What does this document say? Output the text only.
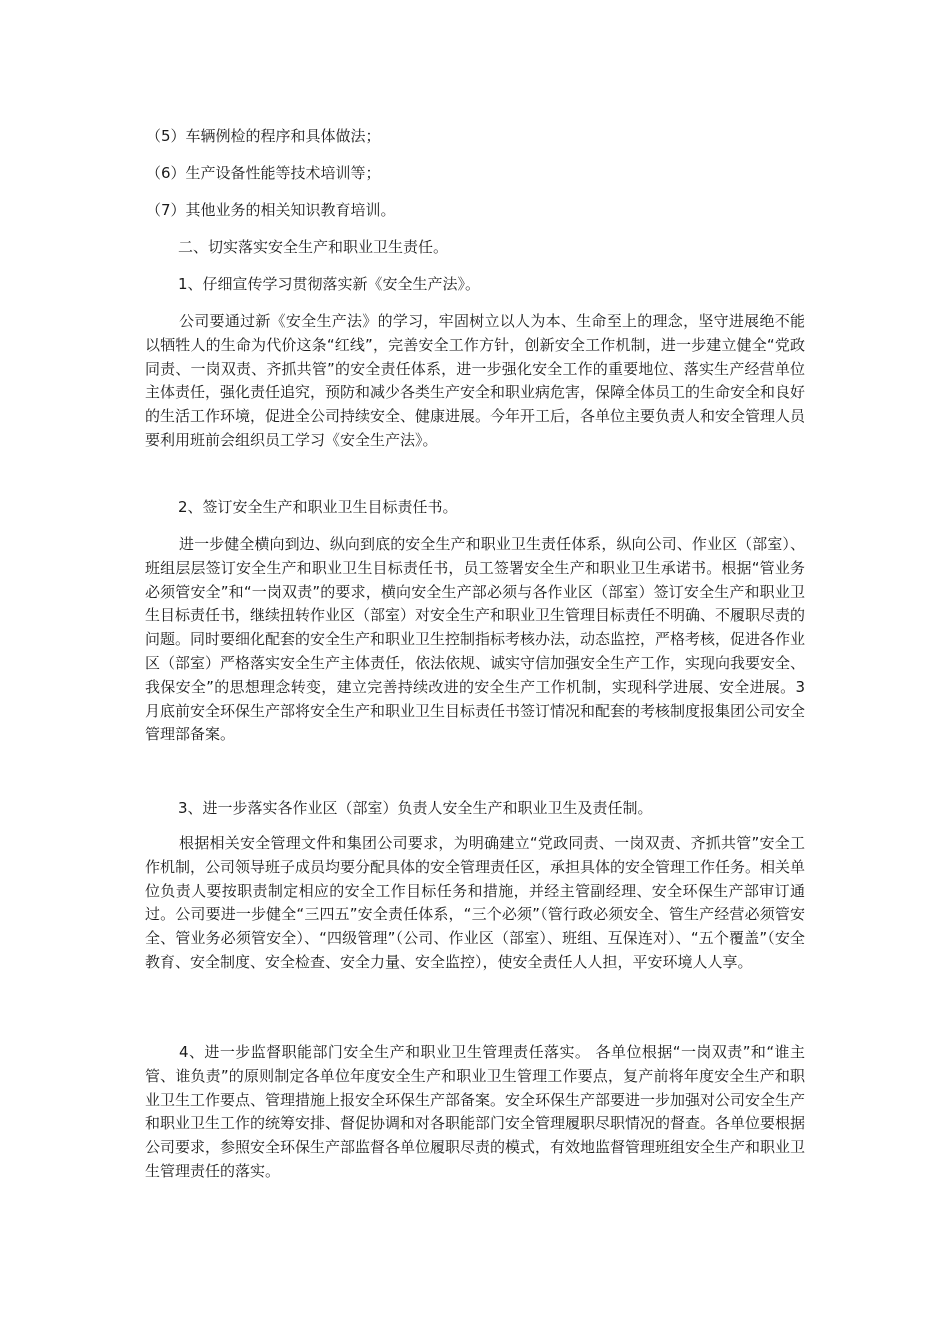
（5）车辆例检的程序和具体做法；
（6）生产设备性能等技术培训等；
（7）其他业务的相关知识教育培训。
二、切实落实安全生产和职业卫生责任。
1、仔细宣传学习贯彻落实新《安全生产法》。
公司要通过新《安全生产法》的学习，牢固树立以人为本、生命至上的理念，坚守进展绝不能以牺牲人的生命为代价这条“红线”，完善安全工作方针，创新安全工作机制，进一步建立健全“党政同责、一岗双责、齐抓共管”的安全责任体系，进一步强化安全工作的重要地位、落实生产经营单位主体责任，强化责任追究，预防和减少各类生产安全和职业病危害，保障全体员工的生命安全和良好的生活工作环境，促进全公司持续安全、健康进展。今年开工后，各单位主要负责人和安全管理人员要利用班前会组织员工学习《安全生产法》。
2、签订安全生产和职业卫生目标责任书。
进一步健全横向到边、纵向到底的安全生产和职业卫生责任体系，纵向公司、作业区（部室）、班组层层签订安全生产和职业卫生目标责任书，员工签署安全生产和职业卫生承诺书。根据“管业务必须管安全”和“一岗双责”的要求，横向安全生产部必须与各作业区（部室）签订安全生产和职业卫生目标责任书，继续扭转作业区（部室）对安全生产和职业卫生管理目标责任不明确、不履职尽责的问题。同时要细化配套的安全生产和职业卫生控制指标考核办法，动态监控，严格考核，促进各作业区（部室）严格落实安全生产主体责任，依法依规、诚实守信加强安全生产工作，实现向我要安全、我保安全”的思想理念转变，建立完善持续改进的安全生产工作机制，实现科学进展、安全进展。3月底前安全环保生产部将安全生产和职业卫生目标责任书签订情况和配套的考核制度报集团公司安全管理部备案。
3、进一步落实各作业区（部室）负责人安全生产和职业卫生及责任制。
根据相关安全管理文件和集团公司要求，为明确建立“党政同责、一岗双责、齐抓共管”安全工作机制，公司领导班子成员均要分配具体的安全管理责任区，承担具体的安全管理工作任务。相关单位负责人要按职责制定相应的安全工作目标任务和措施，并经主管副经理、安全环保生产部审订通过。公司要进一步健全“三四五”安全责任体系，“三个必须”（管行政必须安全、管生产经营必须管安全、管业务必须管安全）、“四级管理”（公司、作业区（部室）、班组、互保连对）、“五个覆盖”（安全教育、安全制度、安全检查、安全力量、安全监控），使安全责任人人担，平安环境人人享。
4、进一步监督职能部门安全生产和职业卫生管理责任落实。 各单位根据“一岗双责”和“谁主管、谁负责”的原则制定各单位年度安全生产和职业卫生管理工作要点，复产前将年度安全生产和职业卫生工作要点、管理措施上报安全环保生产部备案。安全环保生产部要进一步加强对公司安全生产和职业卫生工作的统筹安排、督促协调和对各职能部门安全管理履职尽职情况的督查。各单位要根据公司要求，参照安全环保生产部监督各单位履职尽责的模式，有效地监督管理班组安全生产和职业卫生管理责任的落实。
